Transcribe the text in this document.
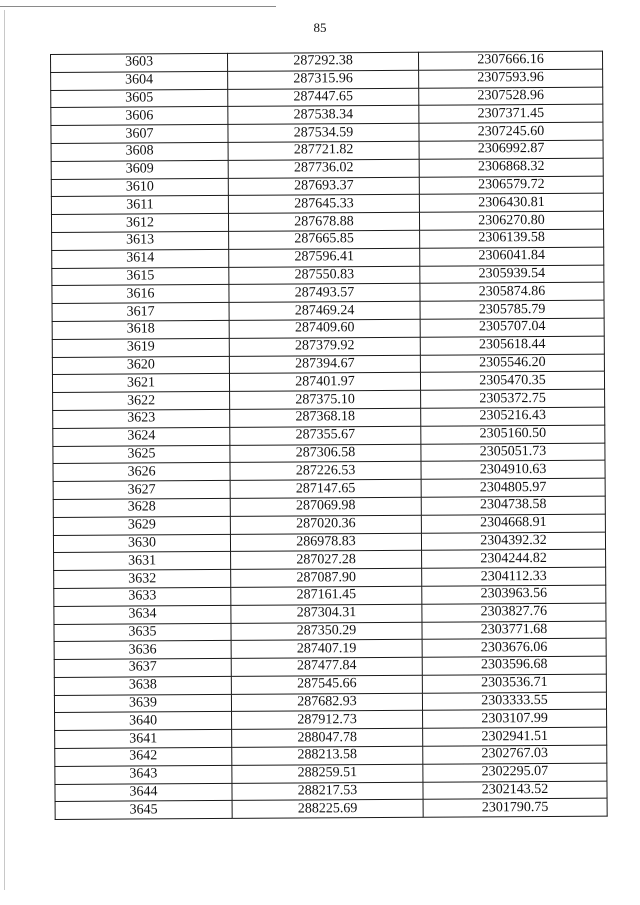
85
3603	287292.38	2307666.16
3604	287315.96	2307593.96
3605	287447.65	2307528.96
3606	287538.34	2307371.45
3607	287534.59	2307245.60
3608	287721.82	2306992.87
3609	287736.02	2306868.32
3610	287693.37	2306579.72
3611	287645.33	2306430.81
3612	287678.88	2306270.80
3613	287665.85	2306139.58
3614	287596.41	2306041.84
3615	287550.83	2305939.54
3616	287493.57	2305874.86
3617	287469.24	2305785.79
3618	287409.60	2305707.04
3619	287379.92	2305618.44
3620	287394.67	2305546.20
3621	287401.97	2305470.35
3622	287375.10	2305372.75
3623	287368.18	2305216.43
3624	287355.67	2305160.50
3625	287306.58	2305051.73
3626	287226.53	2304910.63
3627	287147.65	2304805.97
3628	287069.98	2304738.58
3629	287020.36	2304668.91
3630	286978.83	2304392.32
3631	287027.28	2304244.82
3632	287087.90	2304112.33
3633	287161.45	2303963.56
3634	287304.31	2303827.76
3635	287350.29	2303771.68
3636	287407.19	2303676.06
3637	287477.84	2303596.68
3638	287545.66	2303536.71
3639	287682.93	2303333.55
3640	287912.73	2303107.99
3641	288047.78	2302941.51
3642	288213.58	2302767.03
3643	288259.51	2302295.07
3644	288217.53	2302143.52
3645	288225.69	2301790.75
